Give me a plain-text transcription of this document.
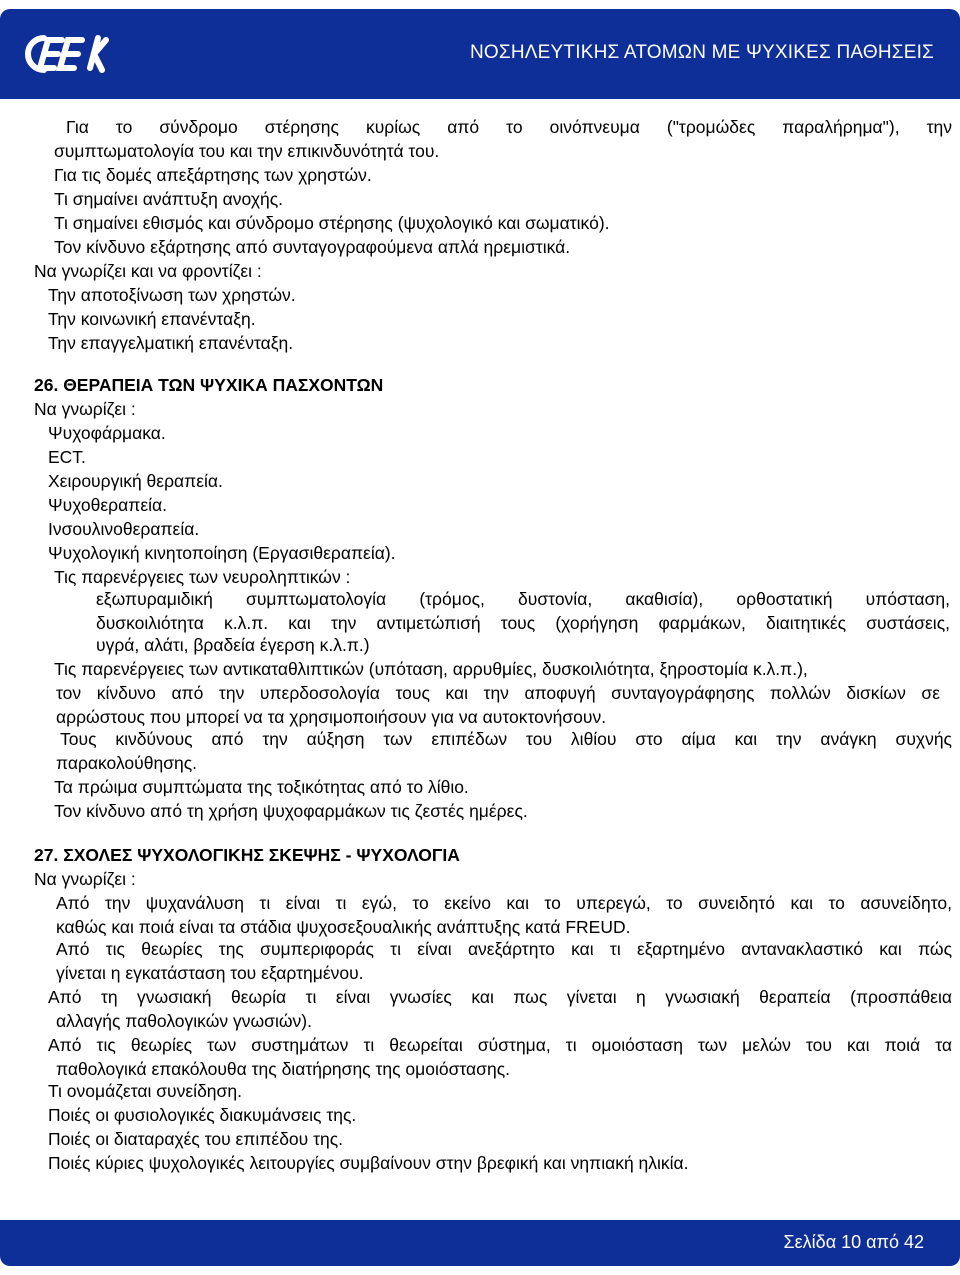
ΝΟΣΗΛΕΥΤΙΚΗΣ ΑΤΟΜΩΝ ΜΕ ΨΥΧΙΚΕΣ ΠΑΘΗΣΕΙΣ
Για το σύνδρομο στέρησης κυρίως από το οινόπνευμα ("τρομώδες παραλήρημα"), την
συμπτωματολογία του και την επικινδυνότητά του.
Για τις δομές απεξάρτησης των χρηστών.
Τι σημαίνει ανάπτυξη ανοχής.
Τι σημαίνει εθισμός και σύνδρομο στέρησης (ψυχολογικό και σωματικό).
Τον κίνδυνο εξάρτησης από συνταγογραφούμενα απλά ηρεμιστικά.
Να γνωρίζει και να φροντίζει :
Την αποτοξίνωση των χρηστών.
Την κοινωνική επανένταξη.
Την επαγγελματική επανένταξη.
26. ΘΕΡΑΠΕΙΑ ΤΩΝ ΨΥΧΙΚΑ ΠΑΣΧΟΝΤΩΝ
Να γνωρίζει :
Ψυχοφάρμακα.
ECT.
Χειρουργική θεραπεία.
Ψυχοθεραπεία.
Ινσουλινοθεραπεία.
Ψυχολογική κινητοποίηση (Εργασιθεραπεία).
Τις παρενέργειες των νευροληπτικών :
εξωπυραμιδική συμπτωματολογία (τρόμος, δυστονία, ακαθισία), ορθοστατική υπόσταση,
δυσκοιλιότητα κ.λ.π. και την αντιμετώπισή τους (χορήγηση φαρμάκων, διαιτητικές συστάσεις,
υγρά, αλάτι, βραδεία έγερση κ.λ.π.)
Τις παρενέργειες των αντικαταθλιπτικών (υπόταση, αρρυθμίες, δυσκοιλιότητα, ξηροστομία κ.λ.π.),
τον κίνδυνο από την υπερδοσολογία τους και την αποφυγή συνταγογράφησης πολλών δισκίων σε
αρρώστους που μπορεί να τα χρησιμοποιήσουν για να αυτοκτονήσουν.
Τους κινδύνους από την αύξηση των επιπέδων του λιθίου στο αίμα και την ανάγκη συχνής
παρακολούθησης.
Τα πρώιμα συμπτώματα της τοξικότητας από το λίθιο.
Τον κίνδυνο από τη χρήση ψυχοφαρμάκων τις ζεστές ημέρες.
27. ΣΧΟΛΕΣ ΨΥΧΟΛΟΓΙΚΗΣ ΣΚΕΨΗΣ - ΨΥΧΟΛΟΓΙΑ
Να γνωρίζει :
Από την ψυχανάλυση τι είναι τι εγώ, το εκείνο και το υπερεγώ, το συνειδητό και το ασυνείδητο,
καθώς και ποιά είναι τα στάδια ψυχοσεξουαλικής ανάπτυξης κατά FREUD.
Από τις θεωρίες της συμπεριφοράς τι είναι ανεξάρτητο και τι εξαρτημένο αντανακλαστικό και πώς
γίνεται η εγκατάσταση του εξαρτημένου.
Από τη γνωσιακή θεωρία τι είναι γνωσίες και πως γίνεται η γνωσιακή θεραπεία (προσπάθεια
αλλαγής παθολογικών γνωσιών).
Από τις θεωρίες των συστημάτων τι θεωρείται σύστημα, τι ομοιόσταση των μελών του και ποιά τα
παθολογικά επακόλουθα της διατήρησης της ομοιόστασης.
Τι ονομάζεται συνείδηση.
Ποιές οι φυσιολογικές διακυμάνσεις της.
Ποιές οι διαταραχές του επιπέδου της.
Ποιές κύριες ψυχολογικές λειτουργίες συμβαίνουν στην βρεφική και νηπιακή ηλικία.
Σελίδα 10 από 42
